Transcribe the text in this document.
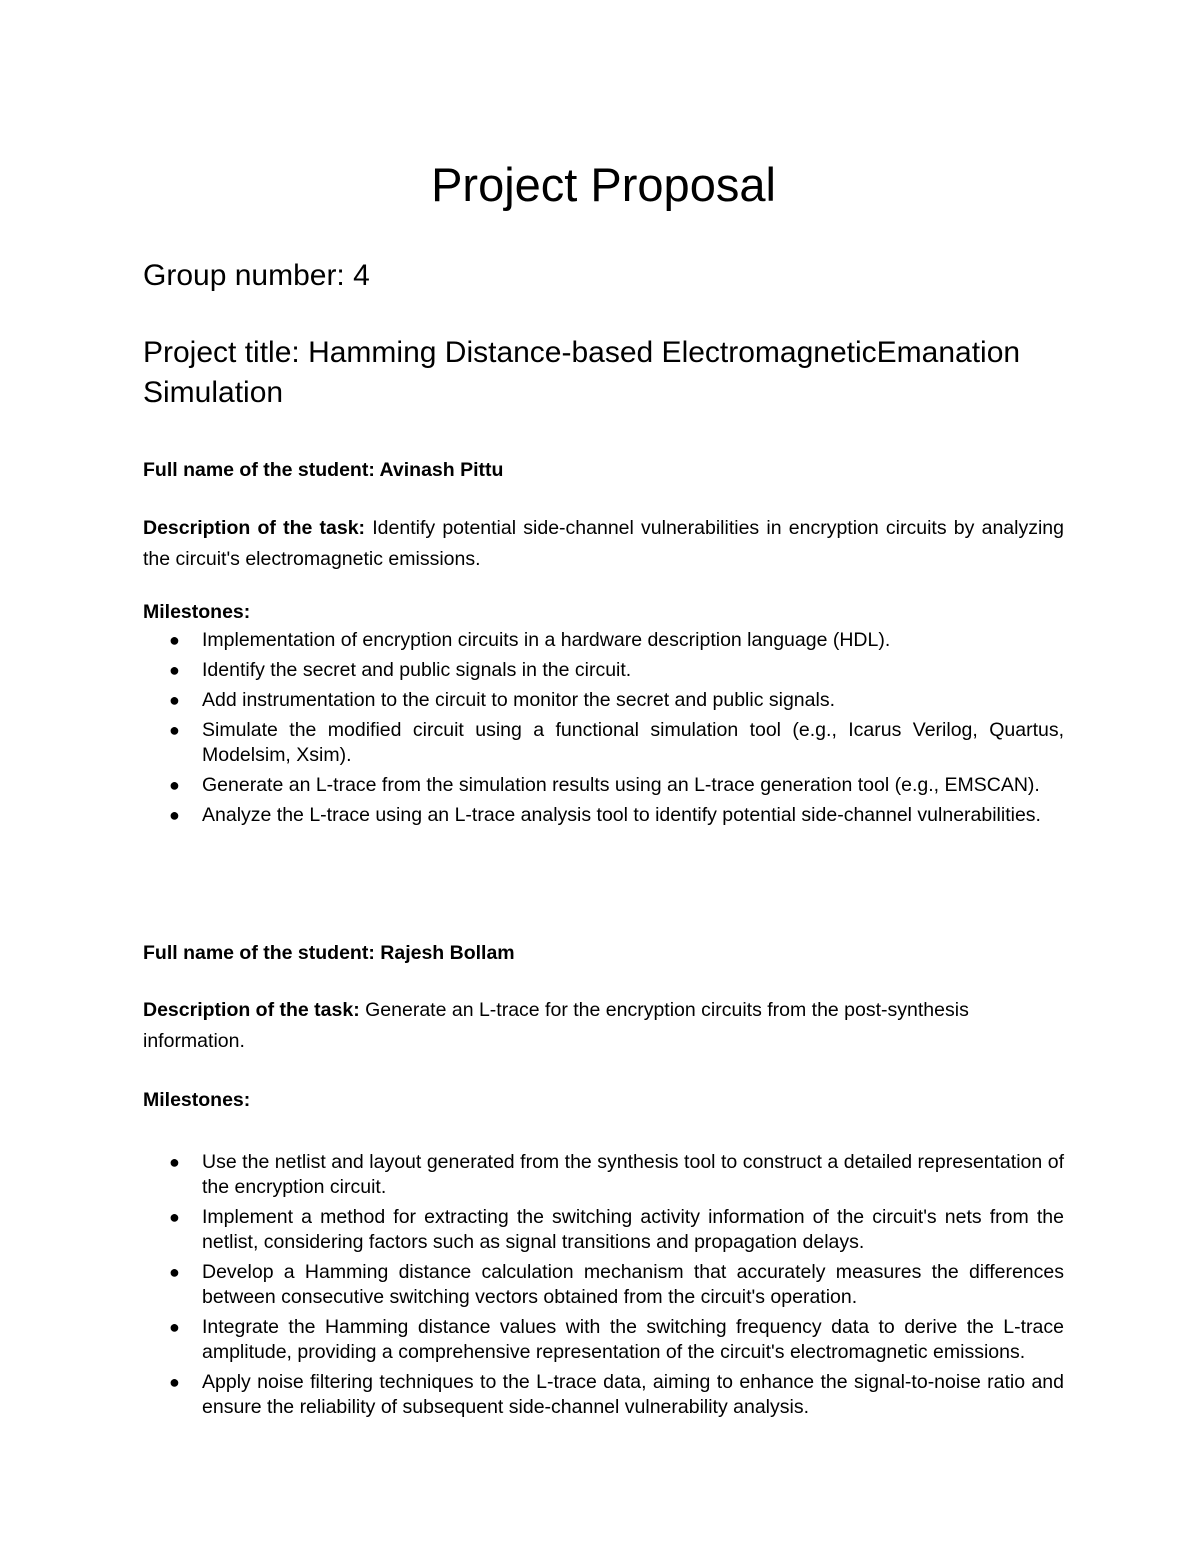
Project Proposal

Group number: 4

Project title: Hamming Distance-based ElectromagneticEmanation Simulation

Full name of the student: Avinash Pittu

Description of the task: Identify potential side-channel vulnerabilities in encryption circuits by analyzing the circuit's electromagnetic emissions.

Milestones:

● Implementation of encryption circuits in a hardware description language (HDL).
● Identify the secret and public signals in the circuit.
● Add instrumentation to the circuit to monitor the secret and public signals.
● Simulate the modified circuit using a functional simulation tool (e.g., Icarus Verilog, Quartus, Modelsim, Xsim).
● Generate an L-trace from the simulation results using an L-trace generation tool (e.g., EMSCAN).
● Analyze the L-trace using an L-trace analysis tool to identify potential side-channel vulnerabilities.

Full name of the student: Rajesh Bollam

Description of the task: Generate an L-trace for the encryption circuits from the post-synthesis information.

Milestones:

● Use the netlist and layout generated from the synthesis tool to construct a detailed representation of the encryption circuit.
● Implement a method for extracting the switching activity information of the circuit's nets from the netlist, considering factors such as signal transitions and propagation delays.
● Develop a Hamming distance calculation mechanism that accurately measures the differences between consecutive switching vectors obtained from the circuit's operation.
● Integrate the Hamming distance values with the switching frequency data to derive the L-trace amplitude, providing a comprehensive representation of the circuit's electromagnetic emissions.
● Apply noise filtering techniques to the L-trace data, aiming to enhance the signal-to-noise ratio and ensure the reliability of subsequent side-channel vulnerability analysis.
